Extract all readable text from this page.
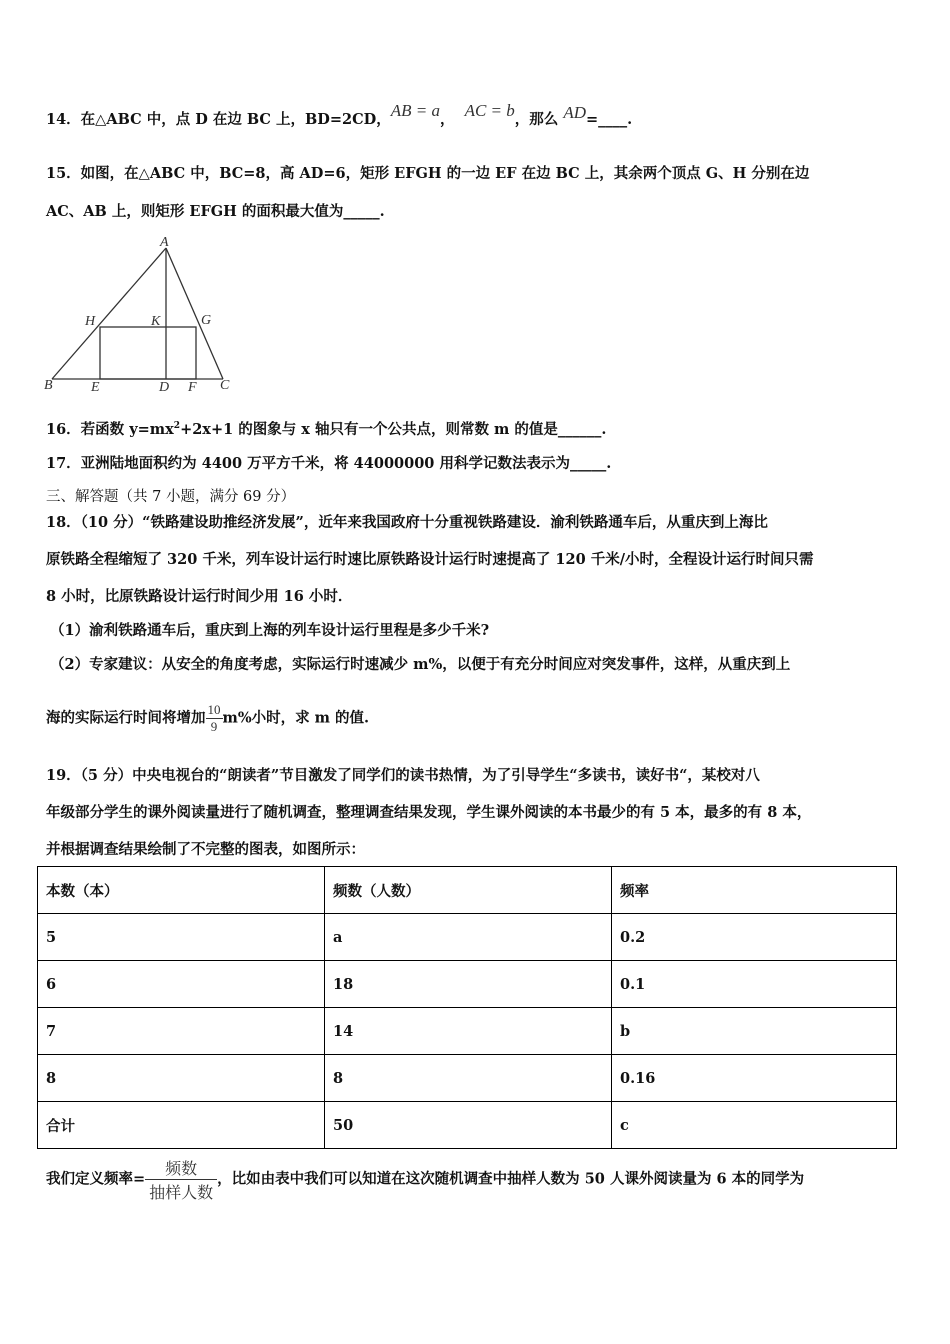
14．在△ABC 中，点 D 在边 BC 上，BD=2CD，AB = a， AC = b，那么 AD=____.
15．如图，在△ABC 中，BC=8，高 AD=6，矩形 EFGH 的一边 EF 在边 BC 上，其余两个顶点 G、H 分别在边
AC、AB 上，则矩形 EFGH 的面积最大值为_____.
A
H	K	G
B	E	D F C
16．若函数 $y=mx^2+2x+1$ 的图象与 x 轴只有一个公共点，则常数 m 的值是______.
17．亚洲陆地面积约为 4400 万平方千米，将 44000000 用科学记数法表示为_____.
三、解答题（共 7 小题，满分 69 分）
18．（10 分）“铁路建设助推经济发展”，近年来我国政府十分重视铁路建设．渝利铁路通车后，从重庆到上海比
原铁路全程缩短了 320 千米，列车设计运行时速比原铁路设计运行时速提高了 120 千米/小时，全程设计运行时间只需
8 小时，比原铁路设计运行时间少用 16 小时．
（1）渝利铁路通车后，重庆到上海的列车设计运行里程是多少千米?
（2）专家建议：从安全的角度考虑，实际运行时速减少 m%，以便于有充分时间应对突发事件，这样，从重庆到上
海的实际运行时间将增加 $\frac{10}{9} m\%$小时，求 m 的值.
19．（5 分）中央电视台的“朗读者”节目激发了同学们的读书热情，为了引导学生“多读书，读好书“，某校对八
年级部分学生的课外阅读量进行了随机调查，整理调查结果发现，学生课外阅读的本书最少的有 5 本，最多的有 8 本，
并根据调查结果绘制了不完整的图表，如图所示：
本数（本）	频数（人数）	频率
5	a	0.2
6	18	0.1
7	14	b
8	8	0.16
合计	50	c
我们定义频率= $\frac{\text{频数}}{\text{抽样人数}}$ ，比如由表中我们可以知道在这次随机调查中抽样人数为 50 人课外阅读量为 6 本的同学为
